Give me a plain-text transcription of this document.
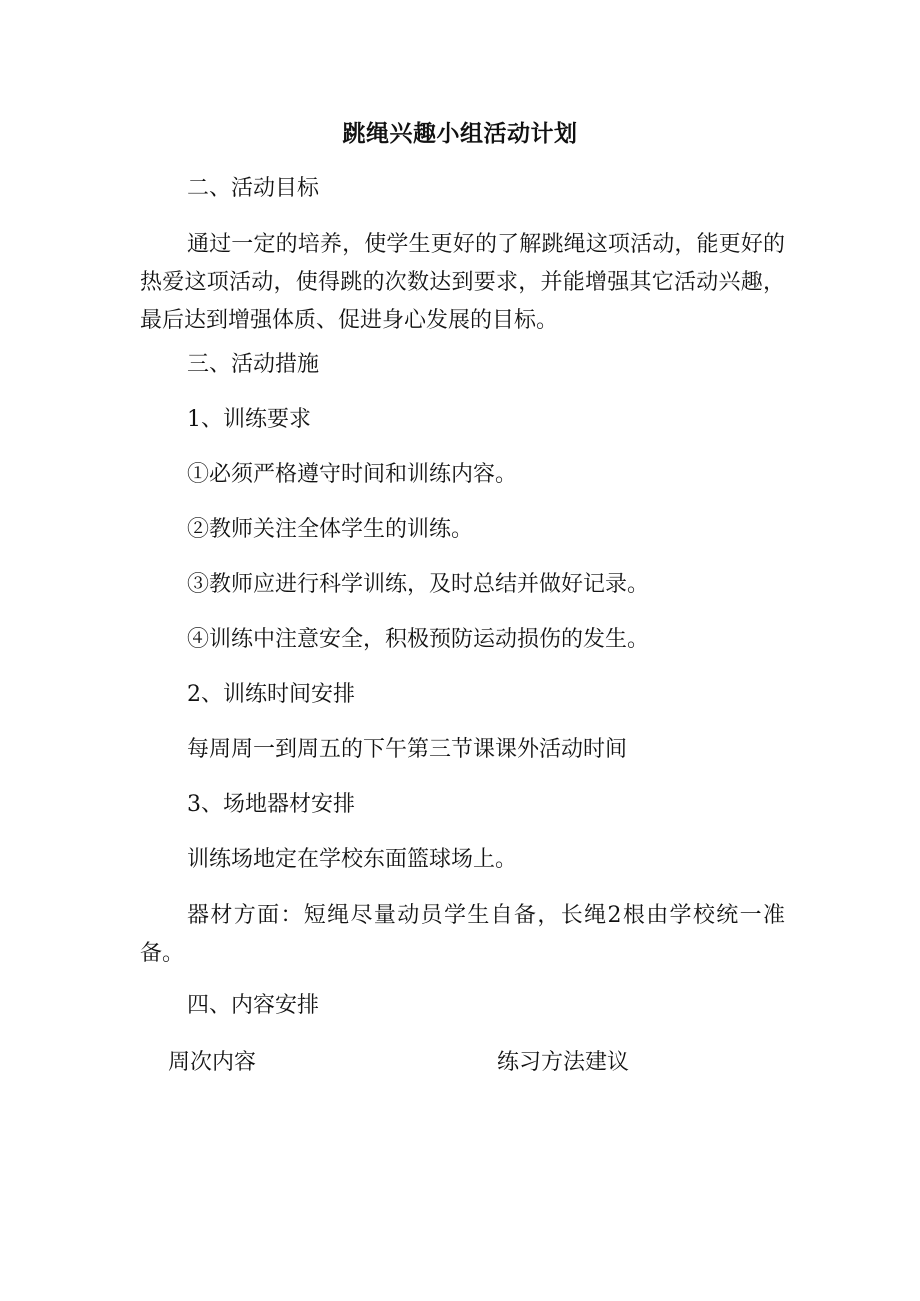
跳绳兴趣小组活动计划
二、活动目标

通过一定的培养，使学生更好的了解跳绳这项活动，能更好的热爱这项活动，使得跳的次数达到要求，并能增强其它活动兴趣，最后达到增强体质、促进身心发展的目标。

三、活动措施
1、训练要求
①必须严格遵守时间和训练内容。
②教师关注全体学生的训练。
③教师应进行科学训练，及时总结并做好记录。
④训练中注意安全，积极预防运动损伤的发生。
2、训练时间安排
每周周一到周五的下午第三节课课外活动时间
3、场地器材安排
训练场地定在学校东面篮球场上。

器材方面：短绳尽量动员学生自备，长绳2根由学校统一准备。

四、内容安排
周次内容	练习方法建议
